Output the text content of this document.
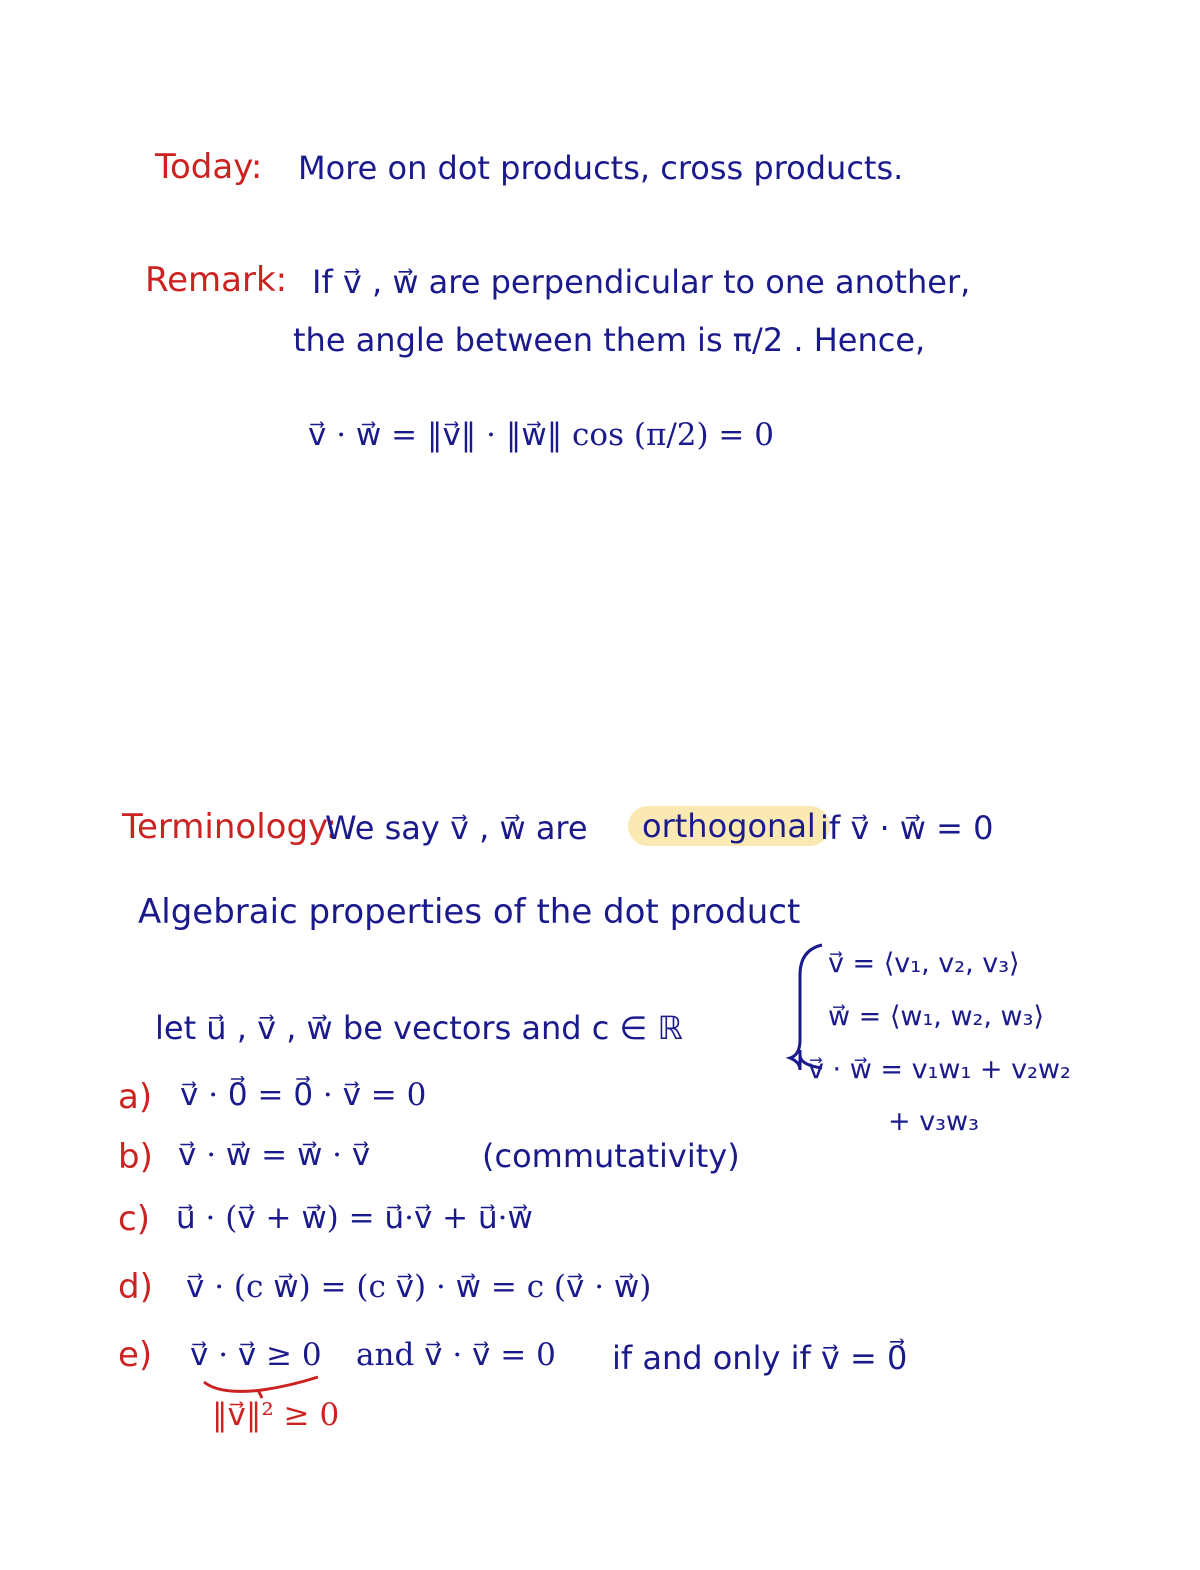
Today: More on dot products, cross products.
Remark: If v⃗ , w⃗ are perpendicular to one another,
the angle between them is π/2 . Hence,
v⃗ · w⃗ = ‖v⃗‖ · ‖w⃗‖ cos (π/2) = 0
Terminology:
We say v⃗ , w⃗ are	orthogonal if v⃗ · w⃗ = 0
Algebraic properties of the dot product
v⃗ = ⟨v₁, v₂, v₃⟩
w⃗ = ⟨w₁, w₂, w₃⟩
v⃗ · w⃗ = v₁w₁ + v₂w₂
+ v₃w₃
let u⃗ , v⃗ , w⃗ be vectors and c ∈ ℝ
a) v⃗ · 0⃗ = 0⃗ · v⃗ = 0
b) v⃗ · w⃗ = w⃗ · v⃗	(commutativity)
c) u⃗ · (v⃗ + w⃗) = u⃗·v⃗ + u⃗·w⃗
d) v⃗ · (c w⃗) = (c v⃗) · w⃗ = c (v⃗ · w⃗)
e) v⃗ · v⃗ ≥ 0 and v⃗ · v⃗ = 0 if and only if v⃗ = 0⃗
‖v⃗‖² ≥ 0
